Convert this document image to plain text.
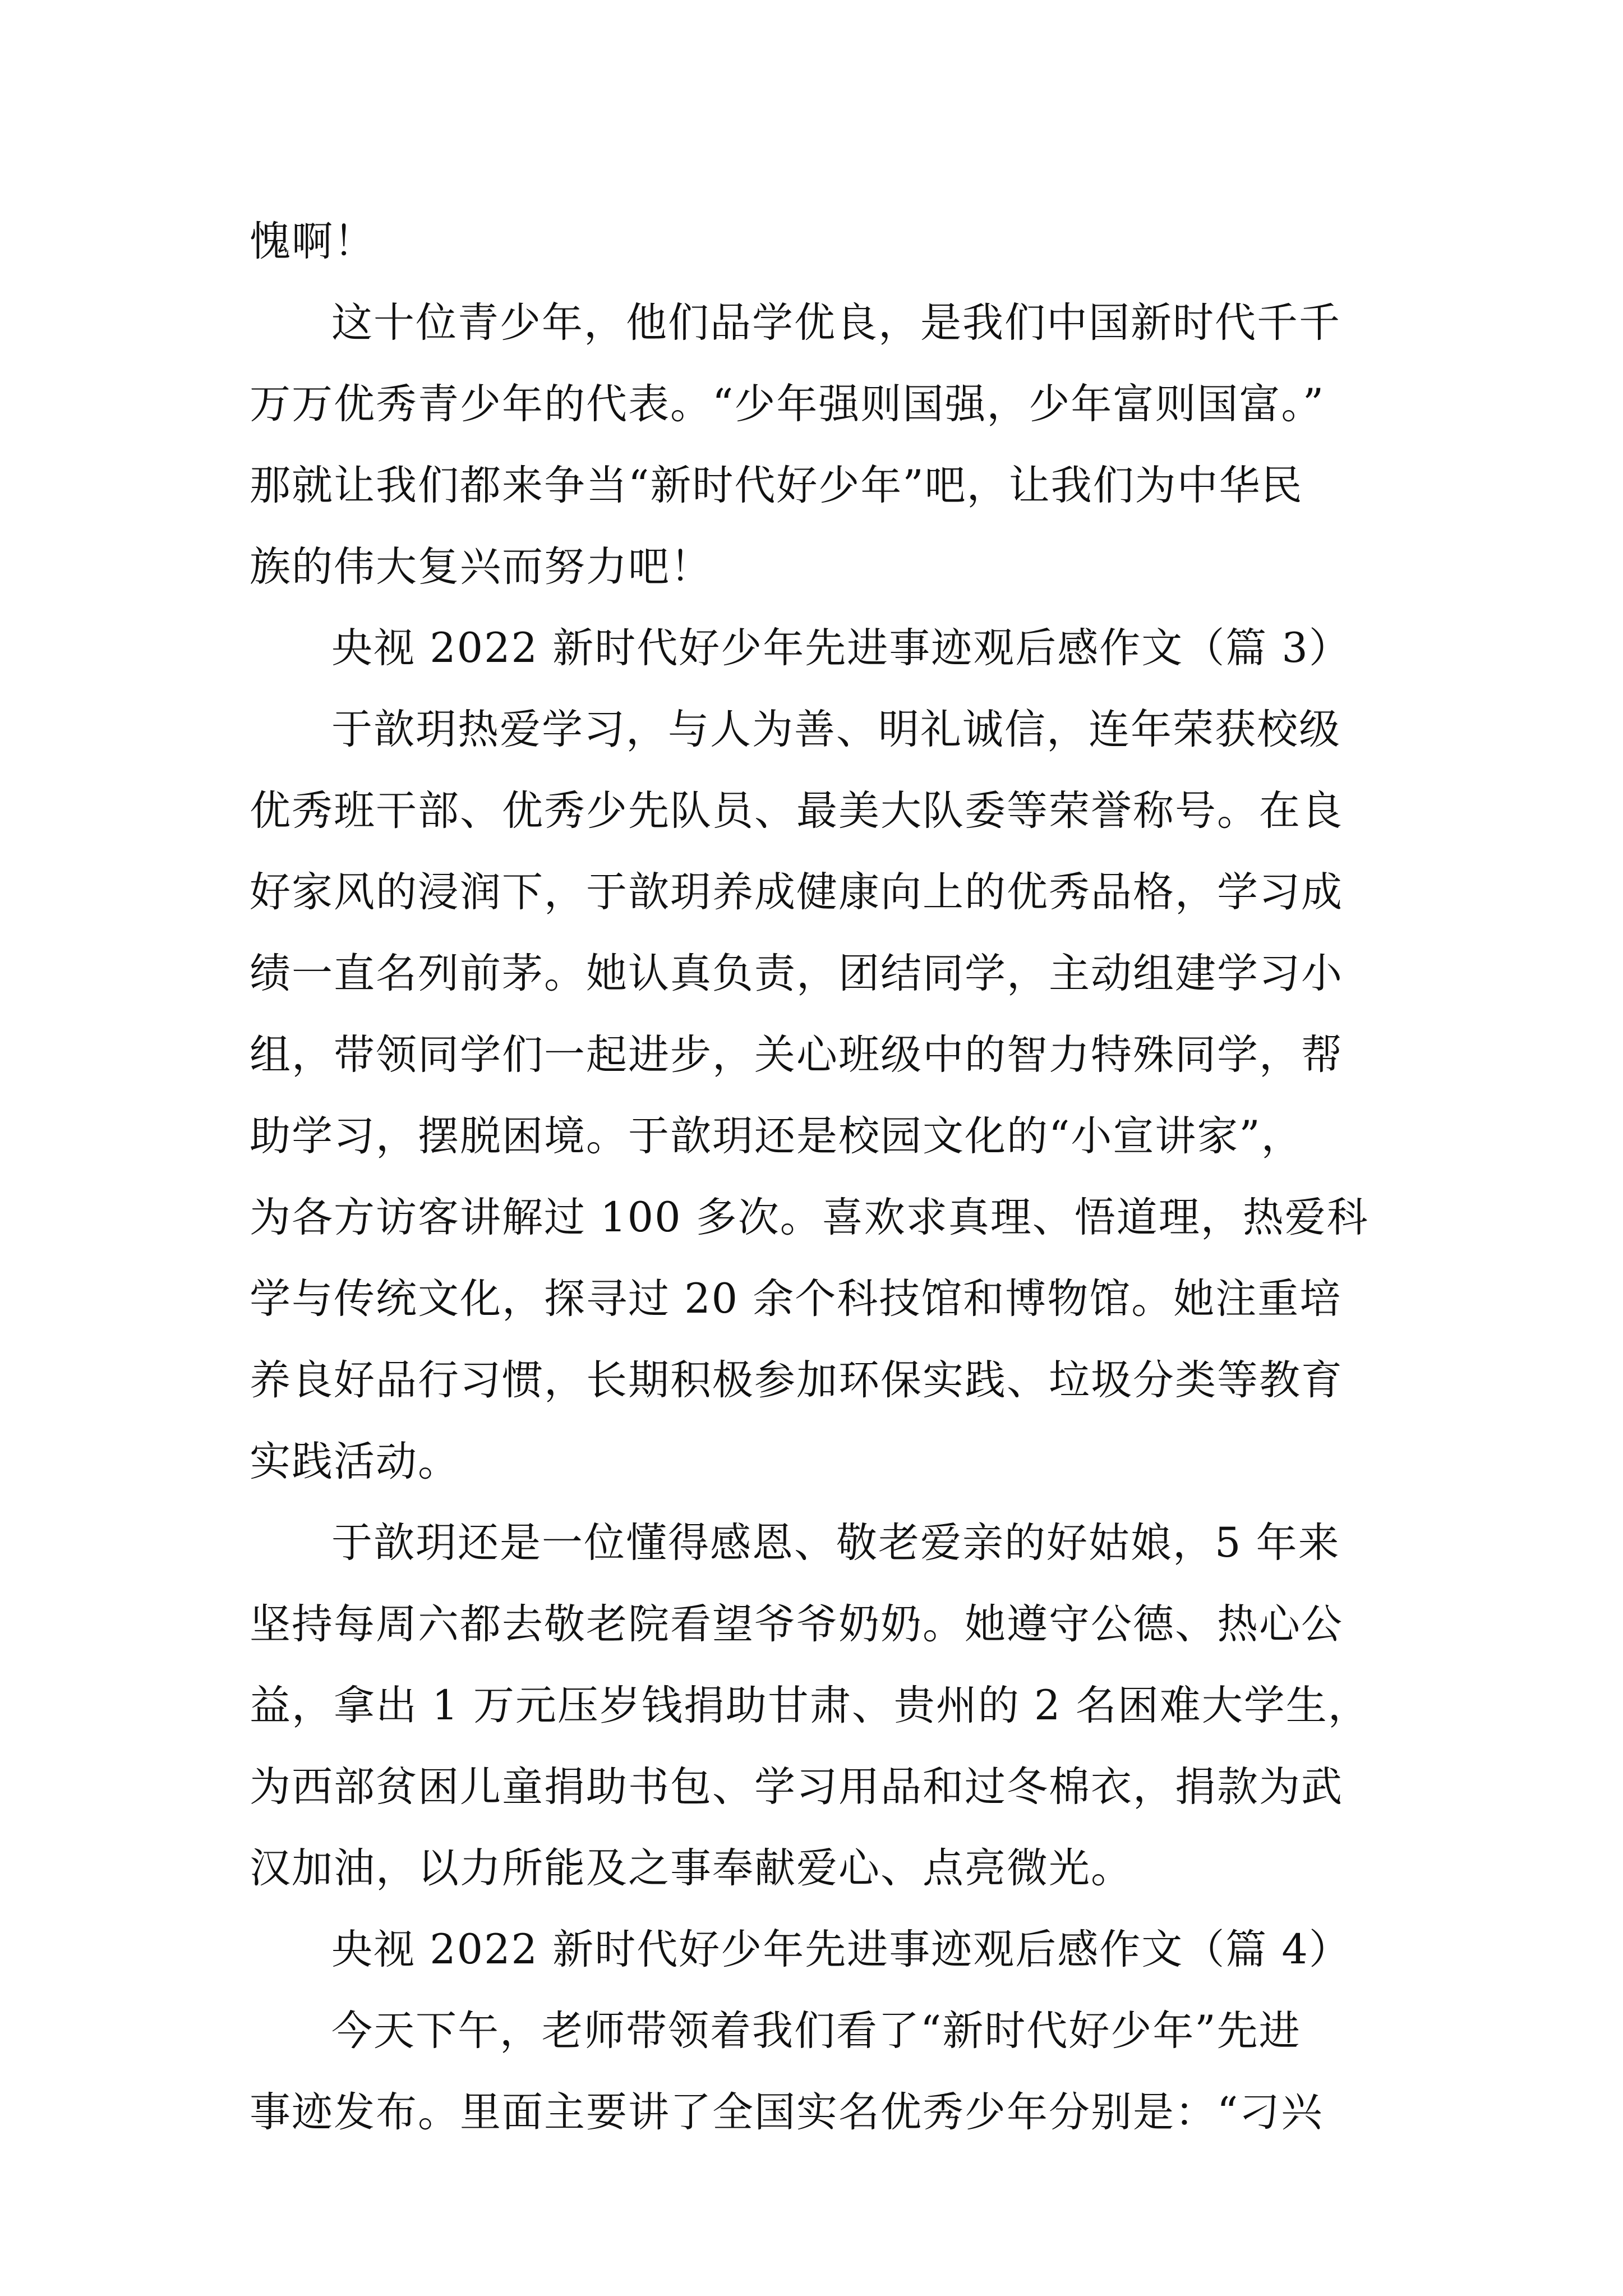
愧啊！
这十位青少年，他们品学优良，是我们中国新时代千千
万万优秀青少年的代表。“少年强则国强，少年富则国富。”
那就让我们都来争当“新时代好少年”吧，让我们为中华民
族的伟大复兴而努力吧！
央视 2022 新时代好少年先进事迹观后感作文（篇 3）
于歆玥热爱学习，与人为善、明礼诚信，连年荣获校级
优秀班干部、优秀少先队员、最美大队委等荣誉称号。在良
好家风的浸润下，于歆玥养成健康向上的优秀品格，学习成
绩一直名列前茅。她认真负责，团结同学，主动组建学习小
组，带领同学们一起进步，关心班级中的智力特殊同学，帮
助学习，摆脱困境。于歆玥还是校园文化的“小宣讲家”，
为各方访客讲解过 100 多次。喜欢求真理、悟道理，热爱科
学与传统文化，探寻过 20 余个科技馆和博物馆。她注重培
养良好品行习惯，长期积极参加环保实践、垃圾分类等教育
实践活动。
于歆玥还是一位懂得感恩、敬老爱亲的好姑娘，5 年来
坚持每周六都去敬老院看望爷爷奶奶。她遵守公德、热心公
益，拿出 1 万元压岁钱捐助甘肃、贵州的 2 名困难大学生，
为西部贫困儿童捐助书包、学习用品和过冬棉衣，捐款为武
汉加油，以力所能及之事奉献爱心、点亮微光。
央视 2022 新时代好少年先进事迹观后感作文（篇 4）
今天下午，老师带领着我们看了“新时代好少年”先进
事迹发布。里面主要讲了全国实名优秀少年分别是：“刁兴
